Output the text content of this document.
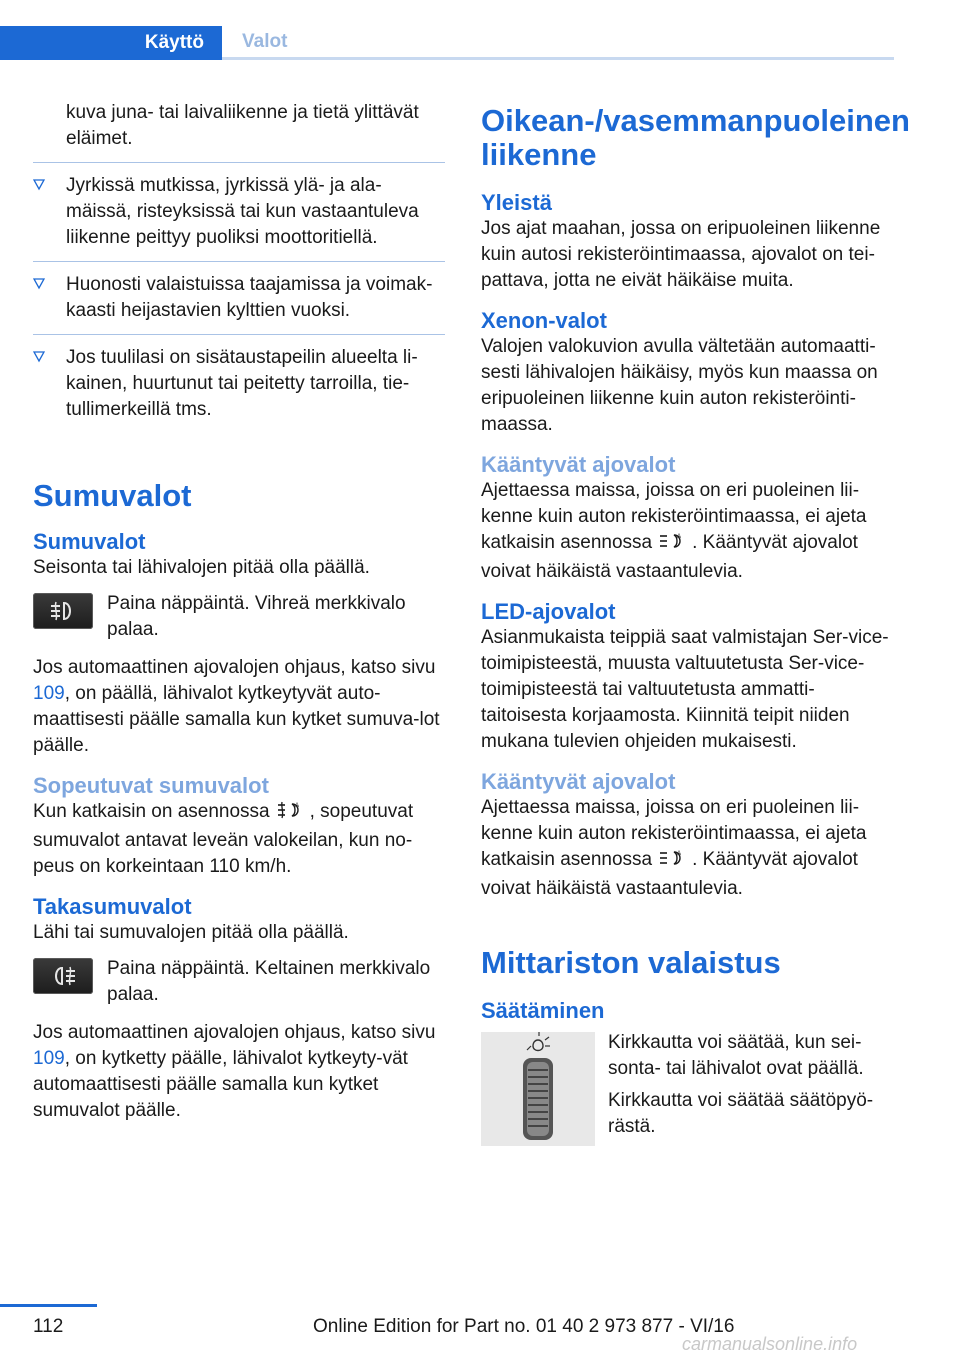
Käyttö	Valot

kuva juna- tai laivaliikenne ja tietä ylittävät eläimet.

Jyrkissä mutkissa, jyrkissä ylä- ja ala-mäissä, risteyksissä tai kun vastaantuleva liikenne peittyy puoliksi moottoritiellä.

Huonosti valaistuissa taajamissa ja voimak-kaasti heijastavien kylttien vuoksi.

Jos tuulilasi on sisätaustapeilin alueelta li-kainen, huurtunut tai peitetty tarroilla, tie-tullimerkeillä tms.

Sumuvalot
Sumuvalot

Seisonta tai lähivalojen pitää olla päällä.

Paina näppäintä. Vihreä merkkivalo palaa.

Jos automaattinen ajovalojen ohjaus, katso sivu 109, on päällä, lähivalot kytkeytyvät auto-maattisesti päälle samalla kun kytket sumuva-lot päälle.

Sopeutuvat sumuvalot

Kun katkaisin on asennossa	A , sopeutuvat sumuvalot antavat leveän valokeilan, kun no-peus on korkeintaan 110 km/h.

Takasumuvalot

Lähi tai sumuvalojen pitää olla päällä.

Paina näppäintä. Keltainen merkkivalo palaa.

Jos automaattinen ajovalojen ohjaus, katso sivu 109, on kytketty päälle, lähivalot kytkeyty-vät automaattisesti päälle samalla kun kytket sumuvalot päälle.

Oikean-/vasemmanpuoleinen liikenne
Yleistä

Jos ajat maahan, jossa on eripuoleinen liikenne kuin autosi rekisteröintimaassa, ajovalot on tei-pattava, jotta ne eivät häikäise muita.

Xenon-valot

Valojen valokuvion avulla vältetään automaatti-sesti lähivalojen häikäisy, myös kun maassa on eripuoleinen liikenne kuin auton rekisteröinti-maassa.

Kääntyvät ajovalot

Ajettaessa maissa, joissa on eri puoleinen lii-kenne kuin auton rekisteröintimaassa, ei ajeta katkaisin asennossa	A . Kääntyvät ajovalot voivat häikäistä vastaantulevia.

LED-ajovalot

Asianmukaista teippiä saat valmistajan Ser-vice-toimipisteestä, muusta valtuutetusta Ser-vice-toimipisteestä tai valtuutetusta ammatti-taitoisesta korjaamosta. Kiinnitä teipit niiden mukana tulevien ohjeiden mukaisesti.

Kääntyvät ajovalot

Ajettaessa maissa, joissa on eri puoleinen lii-kenne kuin auton rekisteröintimaassa, ei ajeta katkaisin asennossa	A . Kääntyvät ajovalot voivat häikäistä vastaantulevia.

Mittariston valaistus
Säätäminen

Kirkkautta voi säätää, kun sei-sonta- tai lähivalot ovat päällä.

Kirkkautta voi säätää säätöpyö-rästä.

112	Online Edition for Part no. 01 40 2 973 877 - VI/16
carmanualsonline.info
